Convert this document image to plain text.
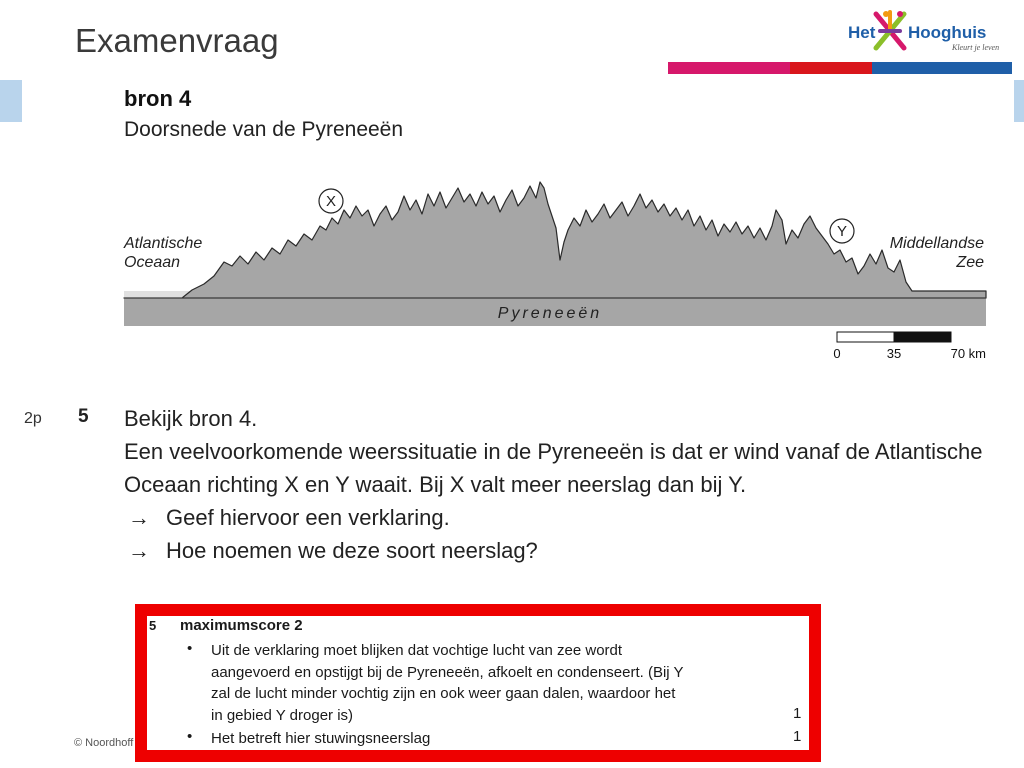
Examenvraag	Het Hooghuis
Kleurt je leven
bron 4
Doorsnede van de Pyreneeën
Atlantische
Oceaan
Middellandse
Zee
Pyreneeën
X
Y
0	35	70 km
2p 5 Bekijk bron 4.

Een veelvoorkomende weerssituatie in de Pyreneeën is dat er wind vanaf de Atlantische Oceaan richting X en Y waait. Bij X valt meer neerslag dan bij Y.

→ Geef hiervoor een verklaring.

→ Hoe noemen we deze soort neerslag?

© Noordhoff
5 maximumscore 2
• Uit de verklaring moet blijken dat vochtige lucht van zee wordt
aangevoerd en opstijgt bij de Pyreneeën, afkoelt en condenseert. (Bij Y
zal de lucht minder vochtig zijn en ook weer gaan dalen, waardoor het
in gebied Y droger is)	1
• Het betreft hier stuwingsneerslag	1
